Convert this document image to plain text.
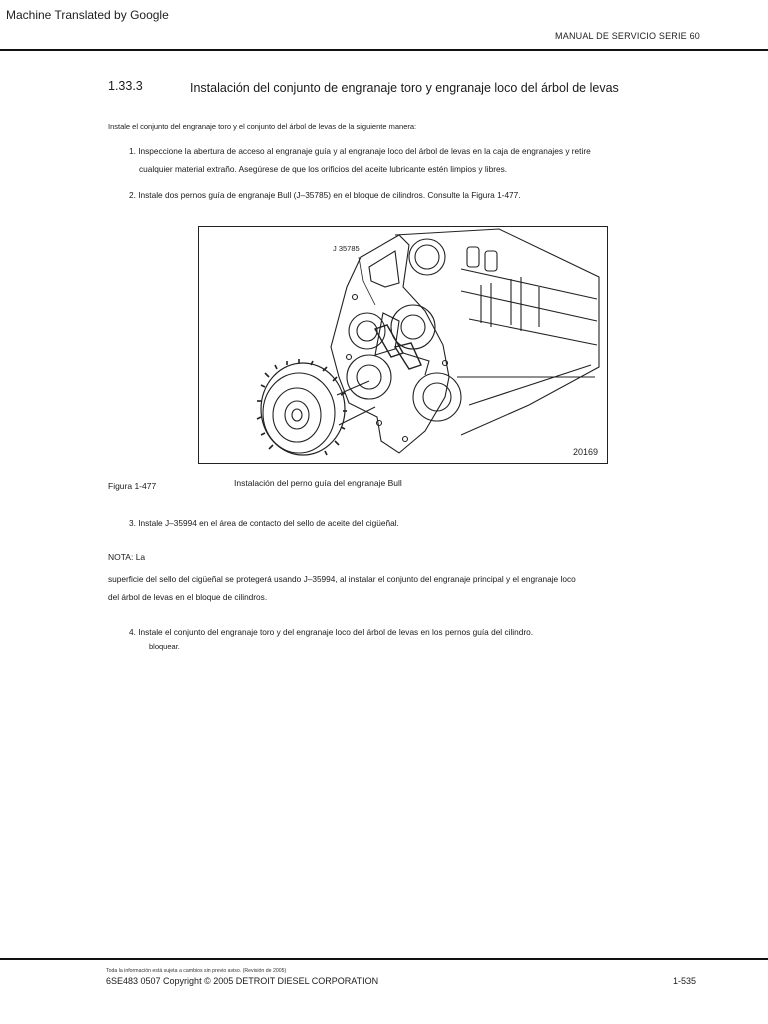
Machine Translated by Google
MANUAL DE SERVICIO SERIE 60
1.33.3	Instalación del conjunto de engranaje toro y engranaje loco del árbol de levas
Instale el conjunto del engranaje toro y el conjunto del árbol de levas de la siguiente manera:
1. Inspeccione la abertura de acceso al engranaje guía y al engranaje loco del árbol de levas en la caja de engranajes y retire
cualquier material extraño. Asegúrese de que los orificios del aceite lubricante estén limpios y libres.
2. Instale dos pernos guía de engranaje Bull (J–35785) en el bloque de cilindros. Consulte la Figura 1-477.
J 35785
20169
Figura 1-477	Instalación del perno guía del engranaje Bull
3. Instale J–35994 en el área de contacto del sello de aceite del cigüeñal.
NOTA: La
superficie del sello del cigüeñal se protegerá usando J–35994, al instalar el conjunto del engranaje principal y el engranaje loco
del árbol de levas en el bloque de cilindros.
4. Instale el conjunto del engranaje toro y del engranaje loco del árbol de levas en los pernos guía del cilindro.
bloquear.
Toda la información está sujeta a cambios sin previo aviso. (Revisión de 2005)
6SE483 0507 Copyright © 2005 DETROIT DIESEL CORPORATION	1-535
